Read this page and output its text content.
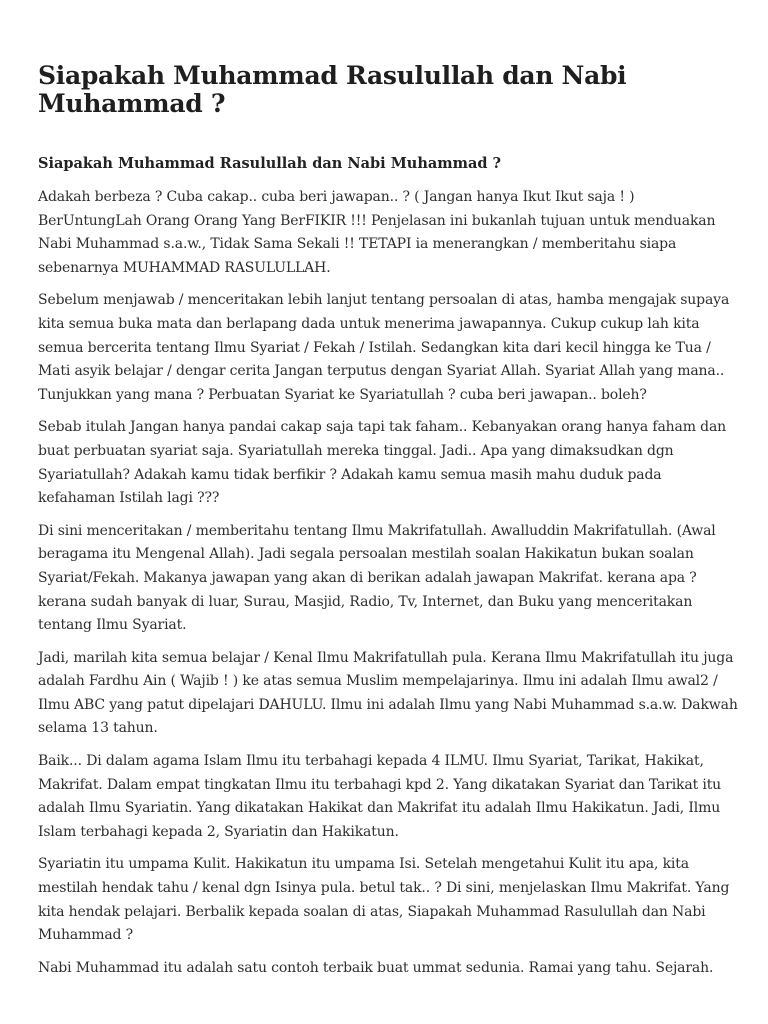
Siapakah Muhammad Rasulullah dan Nabi Muhammad ?
Siapakah Muhammad Rasulullah dan Nabi Muhammad ?

Adakah berbeza ? Cuba cakap.. cuba beri jawapan.. ? ( Jangan hanya Ikut Ikut saja ! ) BerUntungLah Orang Orang Yang BerFIKIR !!! Penjelasan ini bukanlah tujuan untuk menduakan Nabi Muhammad s.a.w., Tidak Sama Sekali !! TETAPI ia menerangkan / memberitahu siapa sebenarnya MUHAMMAD RASULULLAH.

Sebelum menjawab / menceritakan lebih lanjut tentang persoalan di atas, hamba mengajak supaya kita semua buka mata dan berlapang dada untuk menerima jawapannya. Cukup cukup lah kita semua bercerita tentang Ilmu Syariat / Fekah / Istilah. Sedangkan kita dari kecil hingga ke Tua / Mati asyik belajar / dengar cerita Jangan terputus dengan Syariat Allah. Syariat Allah yang mana.. Tunjukkan yang mana ? Perbuatan Syariat ke Syariatullah ? cuba beri jawapan.. boleh?

Sebab itulah Jangan hanya pandai cakap saja tapi tak faham.. Kebanyakan orang hanya faham dan buat perbuatan syariat saja. Syariatullah mereka tinggal. Jadi.. Apa yang dimaksudkan dgn Syariatullah? Adakah kamu tidak berfikir ? Adakah kamu semua masih mahu duduk pada kefahaman Istilah lagi ???

Di sini menceritakan / memberitahu tentang Ilmu Makrifatullah. Awalluddin Makrifatullah. (Awal beragama itu Mengenal Allah). Jadi segala persoalan mestilah soalan Hakikatun bukan soalan Syariat/Fekah. Makanya jawapan yang akan di berikan adalah jawapan Makrifat. kerana apa ? kerana sudah banyak di luar, Surau, Masjid, Radio, Tv, Internet, dan Buku yang menceritakan tentang Ilmu Syariat.

Jadi, marilah kita semua belajar / Kenal Ilmu Makrifatullah pula. Kerana Ilmu Makrifatullah itu juga adalah Fardhu Ain ( Wajib ! ) ke atas semua Muslim mempelajarinya. Ilmu ini adalah Ilmu awal2 / Ilmu ABC yang patut dipelajari DAHULU. Ilmu ini adalah Ilmu yang Nabi Muhammad s.a.w. Dakwah selama 13 tahun.

Baik... Di dalam agama Islam Ilmu itu terbahagi kepada 4 ILMU. Ilmu Syariat, Tarikat, Hakikat, Makrifat. Dalam empat tingkatan Ilmu itu terbahagi kpd 2. Yang dikatakan Syariat dan Tarikat itu adalah Ilmu Syariatin. Yang dikatakan Hakikat dan Makrifat itu adalah Ilmu Hakikatun. Jadi, Ilmu Islam terbahagi kepada 2, Syariatin dan Hakikatun.

Syariatin itu umpama Kulit. Hakikatun itu umpama Isi. Setelah mengetahui Kulit itu apa, kita mestilah hendak tahu / kenal dgn Isinya pula. betul tak.. ? Di sini, menjelaskan Ilmu Makrifat. Yang kita hendak pelajari. Berbalik kepada soalan di atas, Siapakah Muhammad Rasulullah dan Nabi Muhammad ?

Nabi Muhammad itu adalah satu contoh terbaik buat ummat sedunia. Ramai yang tahu. Sejarah.
